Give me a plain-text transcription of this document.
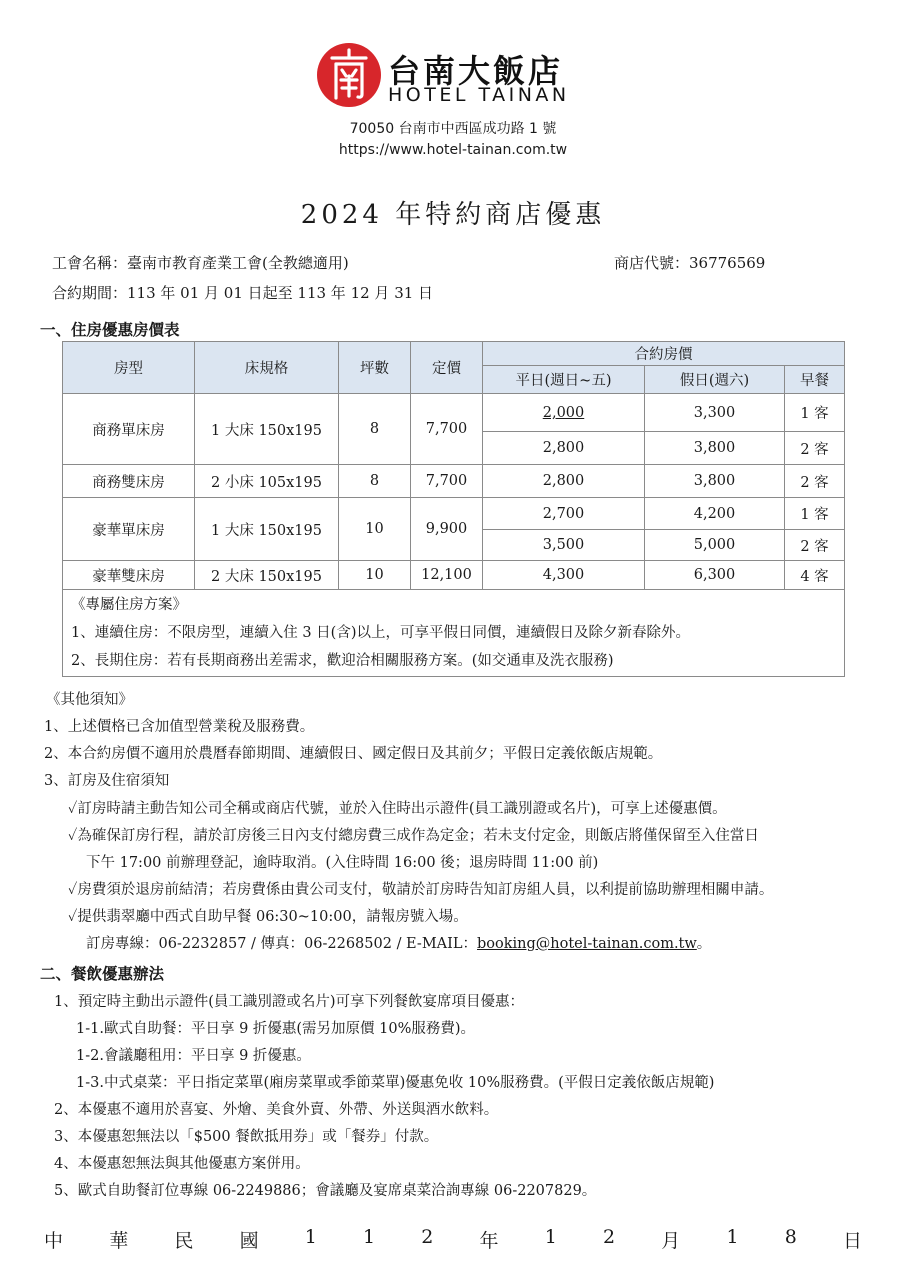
台南大飯店
HOTEL TAINAN
70050 台南市中西區成功路 1 號
https://www.hotel-tainan.com.tw
2024 年特約商店優惠
工會名稱：臺南市教育產業工會(全教總適用)	商店代號：36776569
合約期間：113 年 01 月 01 日起至 113 年 12 月 31 日
一、住房優惠房價表
房型	床規格	坪數	定價	合約房價		
				平日(週日~五)	假日(週六)	早餐
商務單床房	1 大床 150x195	8	7,700	2,000	3,300	1 客
				2,800	3,800	2 客
商務雙床房	2 小床 105x195	8	7,700	2,800	3,800	2 客
豪華單床房	1 大床 150x195	10	9,900	2,700	4,200	1 客
				3,500	5,000	2 客
豪華雙床房	2 大床 150x195	10	12,100	4,300	6,300	4 客

《專屬住房方案》
1、連續住房：不限房型，連續入住 3 日(含)以上，可享平假日同價，連續假日及除夕新春除外。
2、長期住房：若有長期商務出差需求，歡迎洽相關服務方案。(如交通車及洗衣服務)						
《其他須知》
1、上述價格已含加值型營業稅及服務費。
2、本合約房價不適用於農曆春節期間、連續假日、國定假日及其前夕；平假日定義依飯店規範。
3、訂房及住宿須知
✓訂房時請主動告知公司全稱或商店代號，並於入住時出示證件(員工識別證或名片)，可享上述優惠價。
✓為確保訂房行程，請於訂房後三日內支付總房費三成作為定金；若未支付定金，則飯店將僅保留至入住當日
下午 17:00 前辦理登記，逾時取消。(入住時間 16:00 後；退房時間 11:00 前)
✓房費須於退房前結清；若房費係由貴公司支付，敬請於訂房時告知訂房組人員，以利提前協助辦理相關申請。
✓提供翡翠廳中西式自助早餐 06:30~10:00，請報房號入場。
訂房專線：06-2232857 / 傳真：06-2268502 / E-MAIL：booking@hotel-tainan.com.tw。
二、餐飲優惠辦法
1、預定時主動出示證件(員工識別證或名片)可享下列餐飲宴席項目優惠：
1-1.歐式自助餐：平日享 9 折優惠(需另加原價 10%服務費)。
1-2.會議廳租用：平日享 9 折優惠。
1-3.中式桌菜：平日指定菜單(廂房菜單或季節菜單)優惠免收 10%服務費。(平假日定義依飯店規範)
2、本優惠不適用於喜宴、外燴、美食外賣、外帶、外送與酒水飲料。
3、本優惠恕無法以「$500 餐飲抵用券」或「餐券」付款。
4、本優惠恕無法與其他優惠方案併用。
5、歐式自助餐訂位專線 06-2249886；會議廳及宴席桌菜洽詢專線 06-2207829。
中 華 民 國 1 1 2 年 1 2 月 1 8 日
